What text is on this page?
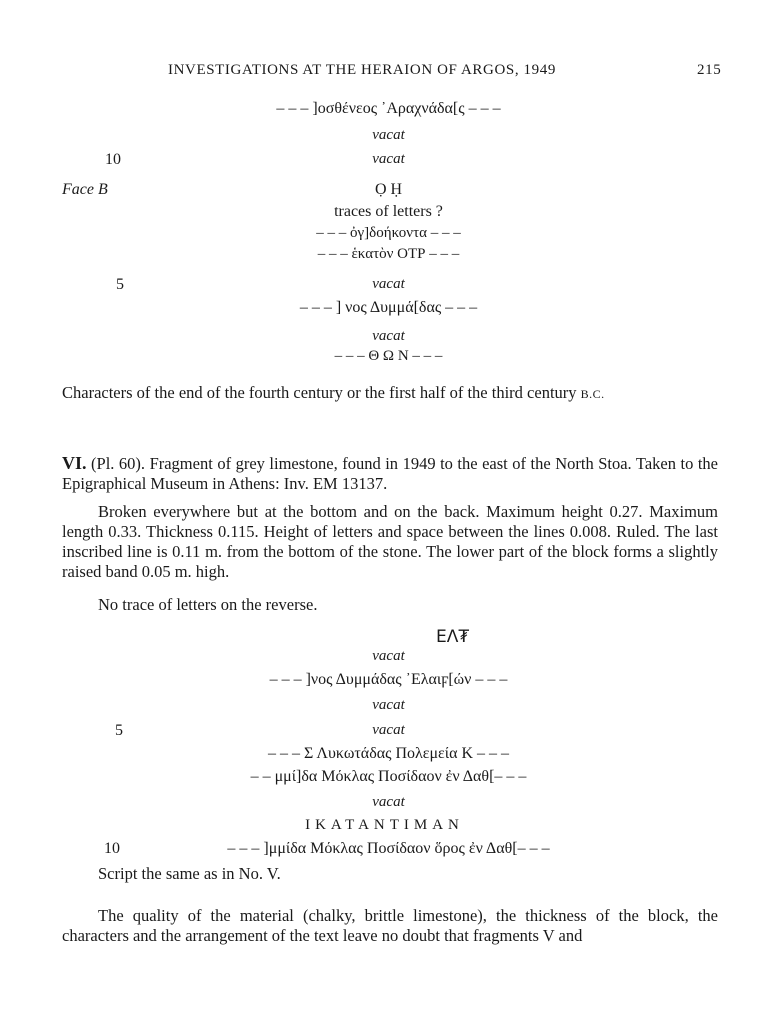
INVESTIGATIONS AT THE HERAION OF ARGOS, 1949	215
– – – ]οσθένεος ᾿Αραχνάδα[ς – – –
vacat
10	vacat
Face B	Ọ Ḥ
traces of letters ?
– – – ὀγ]δοήκοντα – – –
– – – ἑκατὸν ΟΤΡ – – –
5	vacat
– – – ] νος Δυμμά[δας – – –
vacat
– – – Θ Ω Ν – – –
Characters of the end of the fourth century or the first half of the third century B.C.
VI. (Pl. 60). Fragment of grey limestone, found in 1949 to the east of the North Stoa. Taken to the Epigraphical Museum in Athens: Inv. EM 13137.
Broken everywhere but at the bottom and on the back. Maximum height 0.27. Maximum length 0.33. Thickness 0.115. Height of letters and space between the lines 0.008. Ruled. The last inscribed line is 0.11 m. from the bottom of the stone. The lower part of the block forms a slightly raised band 0.05 m. high.
No trace of letters on the reverse.
ΕΛ₮
vacat
– – – ]νος Δυμμάδας ᾿Ελαιϝ[ών – – –
vacat
5	vacat
– – – Σ Λυκωτάδας Πολεμεία Κ – – –
– – μμί]δα Μόκλας Ποσίδαον ἐν Δαθ[– – –
vacat
ΙΚΑΤΑΝΤΙΜΑΝ
10	– – – ]μμίδα Μόκλας Ποσίδαον ὅρος ἐν Δαθ[– – –
Script the same as in No. V.
The quality of the material (chalky, brittle limestone), the thickness of the block, the characters and the arrangement of the text leave no doubt that fragments V and
